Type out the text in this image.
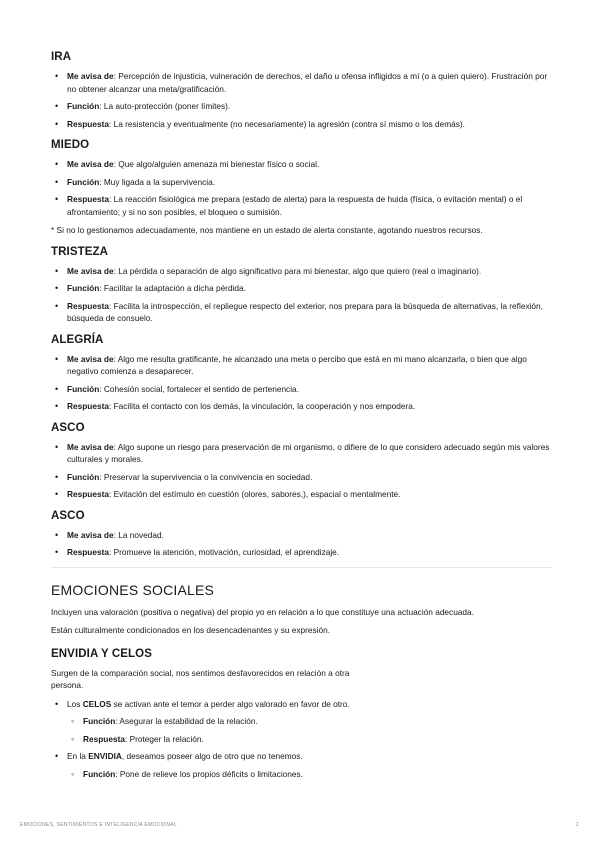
IRA
• Me avisa de: Percepción de injusticia, vulneración de derechos, el daño u ofensa infligidos a mí (o a quien quiero). Frustración por no obtener alcanzar una meta/gratificación.
• Función: La auto-protección (poner límites).
• Respuesta: La resistencia y eventualmente (no necesariamente) la agresión (contra sí mismo o los demás).
MIEDO
• Me avisa de: Que algo/alguien amenaza mi bienestar físico o social.
• Función: Muy ligada a la supervivencia.
• Respuesta: La reacción fisiológica me prepara (estado de alerta) para la respuesta de huida (física, o evitación mental) o el afrontamiento; y si no son posibles, el bloqueo o sumisión.

* Si no lo gestionamos adecuadamente, nos mantiene en un estado de alerta constante, agotando nuestros recursos.

TRISTEZA
• Me avisa de: La pérdida o separación de algo significativo para mi bienestar, algo que quiero (real o imaginario).
• Función: Facilitar la adaptación a dicha pérdida.
• Respuesta: Facilita la introspección, el repliegue respecto del exterior, nos prepara para la búsqueda de alternativas, la reflexión, búsqueda de consuelo.
ALEGRÍA
• Me avisa de: Algo me resulta gratificante, he alcanzado una meta o percibo que está en mi mano alcanzarla, o bien que algo negativo comienza a desaparecer.
• Función: Cohesión social, fortalecer el sentido de pertenencia.
• Respuesta: Facilita el contacto con los demás, la vinculación, la cooperación y nos empodera.
ASCO
• Me avisa de: Algo supone un riesgo para preservación de mi organismo, o difiere de lo que considero adecuado según mis valores culturales y morales.
• Función: Preservar la supervivencia o la convivencia en sociedad.
• Respuesta: Evitación del estímulo en cuestión (olores, sabores,), espacial o mentalmente.
ASCO
• Me avisa de: La novedad.
• Respuesta: Promueve la atención, motivación, curiosidad, el aprendizaje.
EMOCIONES SOCIALES

Incluyen una valoración (positiva o negativa) del propio yo en relación a lo que constituye una actuación adecuada.

Están culturalmente condicionados en los desencadenantes y su expresión.

ENVIDIA Y CELOS

Surgen de la comparación social, nos sentimos desfavorecidos en relación a otra persona.

• Los CELOS se activan ante el temor a perder algo valorado en favor de otro.
◦ Función: Asegurar la estabilidad de la relación.
◦ Respuesta: Proteger la relación.
• En la ENVIDIA, deseamos poseer algo de otro que no tenemos.
◦ Función: Pone de relieve los propios déficits o limitaciones.
EMOCIONES, SENTIMIENTOS E INTELIGENCIA EMOCIONAL	2
